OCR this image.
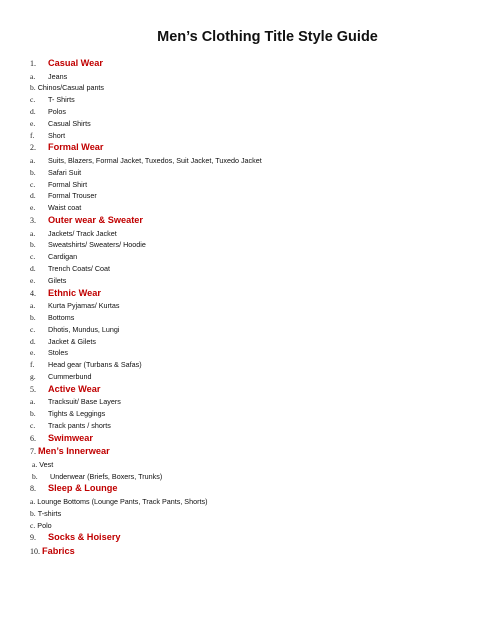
Men’s Clothing Title Style Guide
1.	Casual Wear
a.	Jeans
b. Chinos/Casual pants
c.	T- Shirts
d.	Polos
e.	Casual Shirts
f.	Short
2.	Formal Wear
a.	Suits, Blazers, Formal Jacket, Tuxedos, Suit Jacket, Tuxedo Jacket
b.	Safari Suit
c.	Formal Shirt
d.	Formal Trouser
e.	Waist coat
3.	Outer wear & Sweater
a.	Jackets/ Track Jacket
b.	Sweatshirts/ Sweaters/ Hoodie
c.	Cardigan
d.	Trench Coats/ Coat
e.	Gilets
4.	Ethnic Wear
a.	Kurta Pyjamas/ Kurtas
b.	Bottoms
c.	Dhotis, Mundus, Lungi
d.	Jacket & Gilets
e.	Stoles
f.	Head gear (Turbans & Safas)
g.	Cummerbund
5.	Active Wear
a.	Tracksuit/ Base Layers
b.	Tights & Leggings
c.	Track pants / shorts
6.	Swimwear
7. Men’s Innerwear
a. Vest
b.	Underwear (Briefs, Boxers, Trunks)
8.	Sleep & Lounge
a. Lounge Bottoms (Lounge Pants, Track Pants, Shorts)
b. T-shirts
c. Polo
9.	Socks & Hoisery
10. Fabrics
